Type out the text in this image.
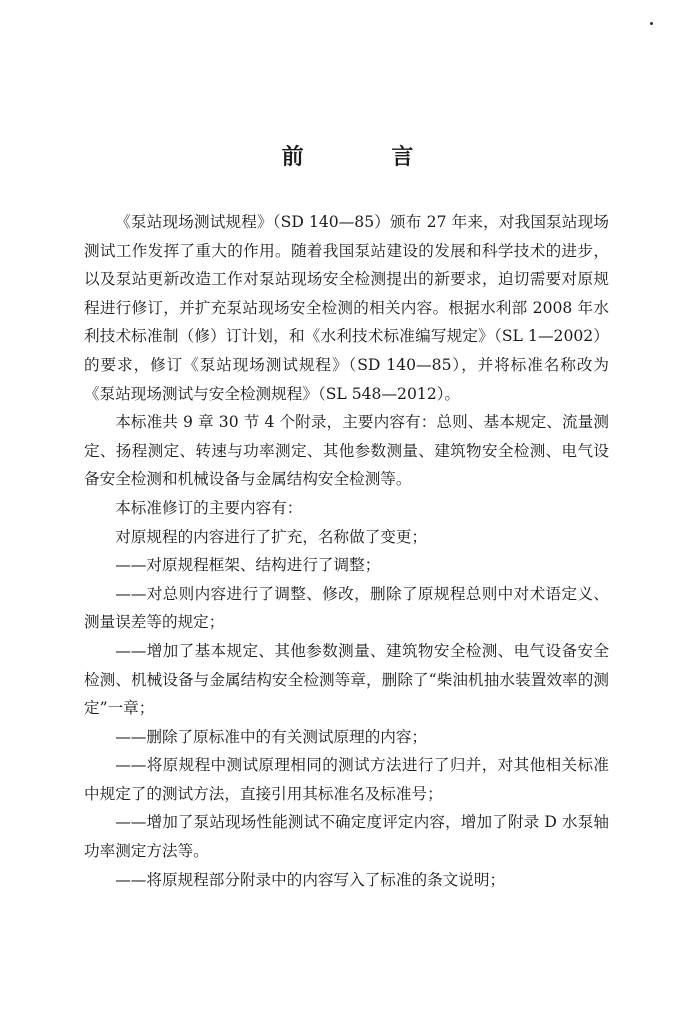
前 言

《泵站现场测试规程》（SD 140—85）颁布 27 年来，对我国泵站现场测试工作发挥了重大的作用。随着我国泵站建设的发展和科学技术的进步，以及泵站更新改造工作对泵站现场安全检测提出的新要求，迫切需要对原规程进行修订，并扩充泵站现场安全检测的相关内容。根据水利部 2008 年水利技术标准制（修）订计划，和《水利技术标准编写规定》（SL 1—2002）的要求，修订《泵站现场测试规程》（SD 140—85），并将标准名称改为《泵站现场测试与安全检测规程》（SL 548—2012）。

本标准共 9 章 30 节 4 个附录，主要内容有：总则、基本规定、流量测定、扬程测定、转速与功率测定、其他参数测量、建筑物安全检测、电气设备安全检测和机械设备与金属结构安全检测等。

本标准修订的主要内容有：

对原规程的内容进行了扩充，名称做了变更；

——对原规程框架、结构进行了调整；

——对总则内容进行了调整、修改，删除了原规程总则中对术语定义、测量误差等的规定；

——增加了基本规定、其他参数测量、建筑物安全检测、电气设备安全检测、机械设备与金属结构安全检测等章，删除了“柴油机抽水装置效率的测定”一章；

——删除了原标准中的有关测试原理的内容；

——将原规程中测试原理相同的测试方法进行了归并，对其他相关标准中规定了的测试方法，直接引用其标准名及标准号；

——增加了泵站现场性能测试不确定度评定内容，增加了附录 D 水泵轴功率测定方法等。

——将原规程部分附录中的内容写入了标准的条文说明；
